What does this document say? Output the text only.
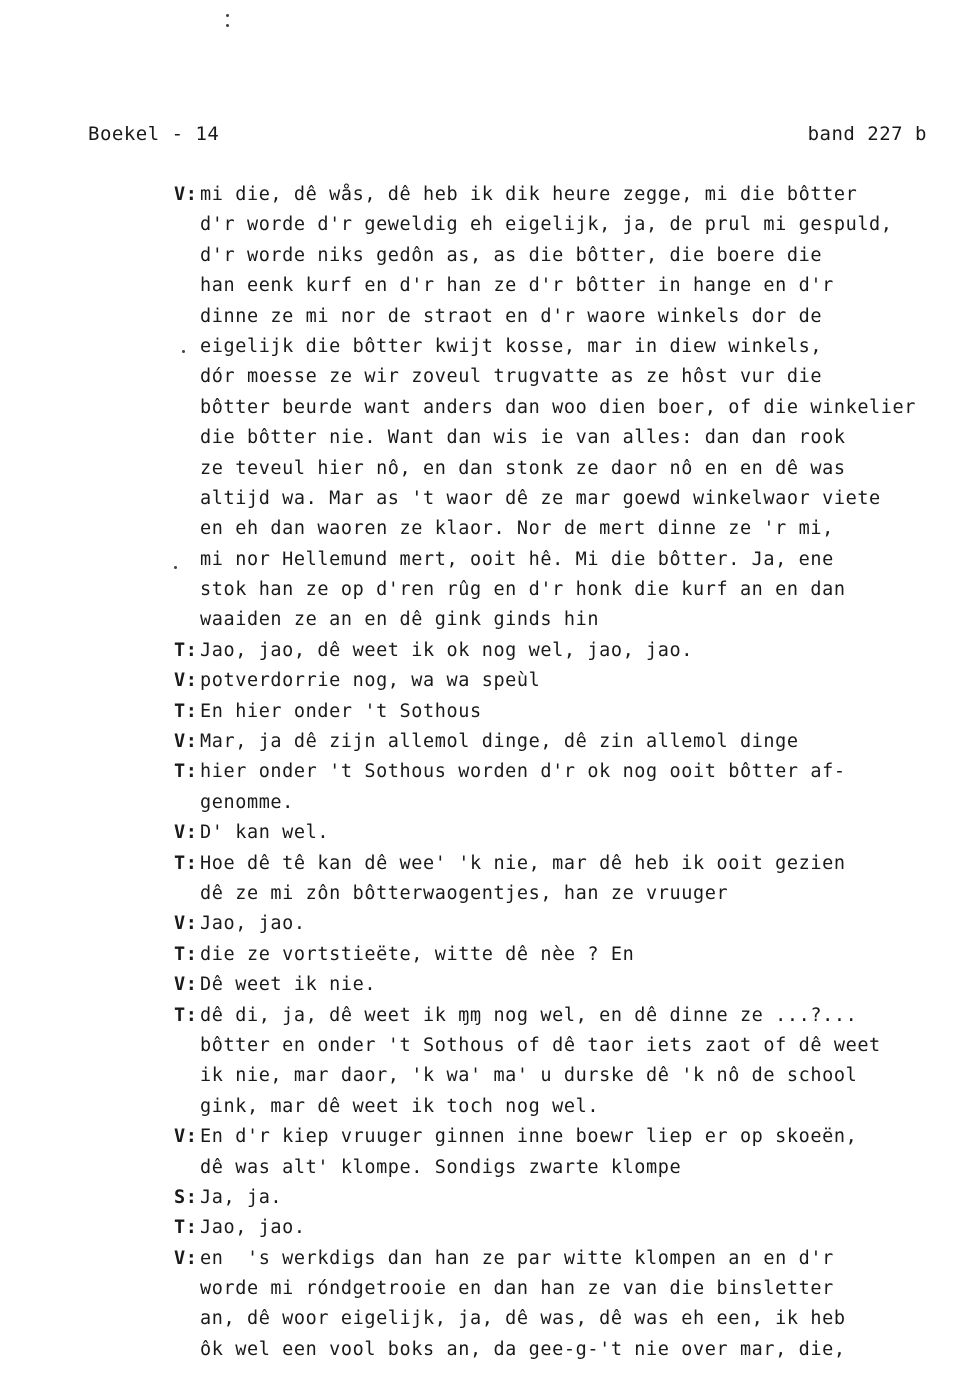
Boekel - 14	band 227 b
V: mi die, dê wås, dê heb ik dik heure zegge, mi die bôtter
d'r worde d'r geweldig eh eigelijk, ja, de prul mi gespuld,
d'r worde niks gedôn as, as die bôtter, die boere die
han eenk kurf en d'r han ze d'r bôtter in hange en d'r
dinne ze mi nor de straot en d'r waore winkels dor de
eigelijk die bôtter kwijt kosse, mar in diew winkels,
dór moesse ze wir zoveul trugvatte as ze hôst vur die
bôtter beurde want anders dan woo dien boer, of die winkelier
die bôtter nie. Want dan wis ie van alles: dan dan rook
ze teveul hier nô, en dan stonk ze daor nô en en dê was
altijd wa. Mar as 't waor dê ze mar goewd winkelwaor viete
en eh dan waoren ze klaor. Nor de mert dinne ze 'r mi,
mi nor Hellemund mert, ooit hê. Mi die bôtter. Ja, ene
stok han ze op d'ren rûg en d'r honk die kurf an en dan
waaiden ze an en dê gink ginds hin
T: Jao, jao, dê weet ik ok nog wel, jao, jao.
V: potverdorrie nog, wa wa speùl
T: En hier onder 't Sothous
V: Mar, ja dê zijn allemol dinge, dê zin allemol dinge
T: hier onder 't Sothous worden d'r ok nog ooit bôtter af-
genomme.
V: D' kan wel.
T: Hoe dê tê kan dê wee' 'k nie, mar dê heb ik ooit gezien
dê ze mi zôn bôtterwaogentjes, han ze vruuger
V: Jao, jao.
T: die ze vortstieëte, witte dê nèe ? En
V: Dê weet ik nie.
T: dê di, ja, dê weet ik ɱɱ nog wel, en dê dinne ze ...?...
bôtter en onder 't Sothous of dê taor iets zaot of dê weet
ik nie, mar daor, 'k wa' ma' u durske dê 'k nô de school
gink, mar dê weet ik toch nog wel.
V: En d'r kiep vruuger ginnen inne boewr liep er op skoeën,
dê was alt' klompe. Sondigs zwarte klompe
S: Ja, ja.
T: Jao, jao.
V: en  's werkdigs dan han ze par witte klompen an en d'r
worde mi róndgetrooie en dan han ze van die binsletter
an, dê woor eigelijk, ja, dê was, dê was eh een, ik heb
ôk wel een vool boks an, da gee-g-'t nie over mar, die,
